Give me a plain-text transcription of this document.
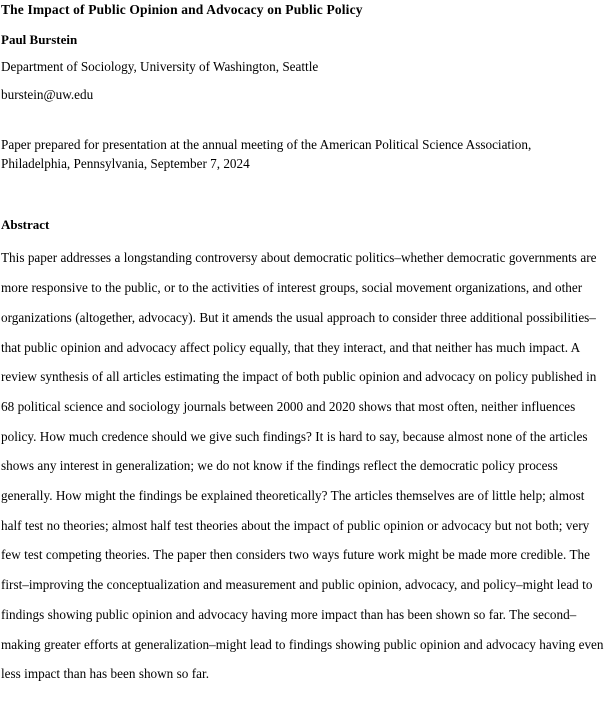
The Impact of Public Opinion and Advocacy on Public Policy
Paul Burstein
Department of Sociology, University of Washington, Seattle
burstein@uw.edu
Paper prepared for presentation at the annual meeting of the American Political Science Association, Philadelphia, Pennsylvania, September 7, 2024
Abstract
This paper addresses a longstanding controversy about democratic politics–whether democratic governments are more responsive to the public, or to the activities of interest groups, social movement organizations, and other organizations (altogether, advocacy). But it amends the usual approach to consider three additional possibilities–that public opinion and advocacy affect policy equally, that they interact, and that neither has much impact. A review synthesis of all articles estimating the impact of both public opinion and advocacy on policy published in 68 political science and sociology journals between 2000 and 2020 shows that most often, neither influences policy. How much credence should we give such findings? It is hard to say, because almost none of the articles shows any interest in generalization; we do not know if the findings reflect the democratic policy process generally. How might the findings be explained theoretically? The articles themselves are of little help; almost half test no theories; almost half test theories about the impact of public opinion or advocacy but not both; very few test competing theories. The paper then considers two ways future work might be made more credible. The first–improving the conceptualization and measurement and public opinion, advocacy, and policy–might lead to findings showing public opinion and advocacy having more impact than has been shown so far. The second–making greater efforts at generalization–might lead to findings showing public opinion and advocacy having even less impact than has been shown so far.
